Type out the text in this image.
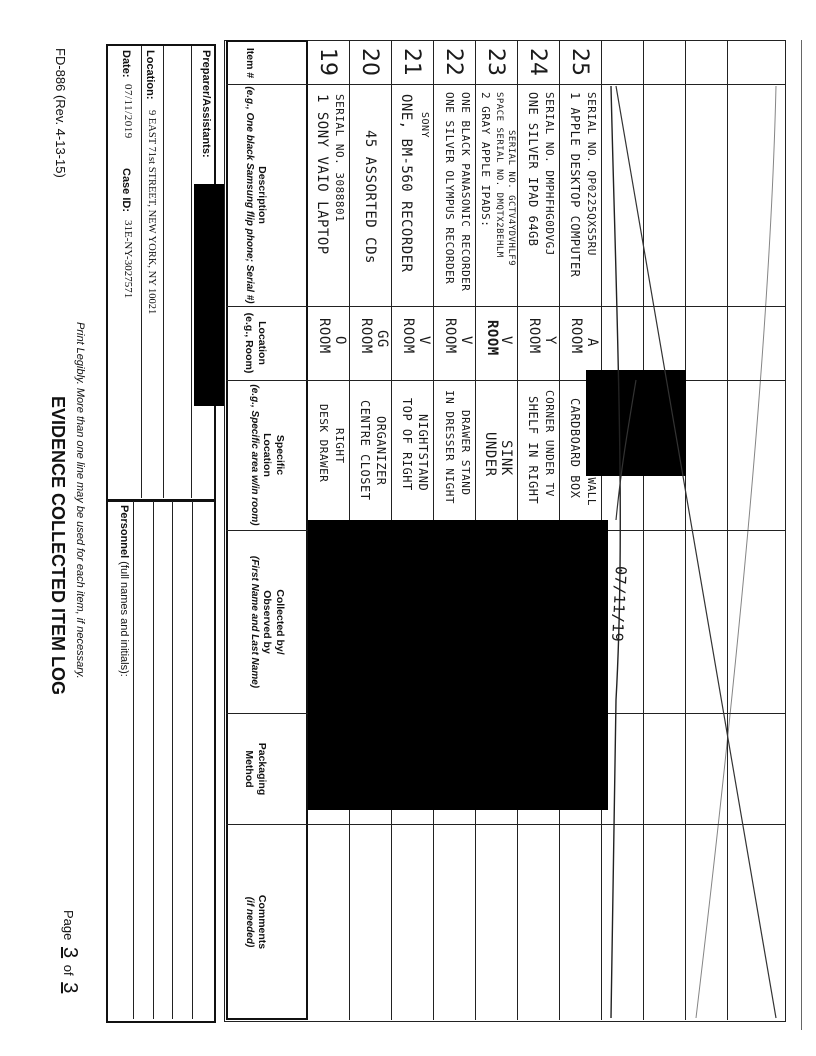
FD-886 (Rev. 4-13-15)
EVIDENCE COLLECTED ITEM LOG Print Legibly. More than one line may be used for each item, if necessary.
Page 3 of 3
Date:
07/11/2019
Case ID:
31E-NY-3027571
Location:
9 EAST 71st STREET, NEW YORK, NY 10021
Preparer/Assistants:
Personnel (full names and initials):
Item #
Description
(e.g., One black Samsung flip phone; Serial #)
Location
(e.g., Room)
Specific
Location
(e.g., Specific area w/in room)
Collected by/
Observed by
(First Name and Last Name)
Packaging
Method
Comments
(if needed)
19
1 SONY VAIO LAPTOP SERIAL NO. 3088801
ROOM O
DESK DRAWER RIGHT
20
45 ASSORTED CDs
ROOM GG
CENTRE CLOSET ORGANIZER
21
ONE, BM-560 RECORDER SONY
ROOM V
TOP OF RIGHT NIGHTSTAND
22
ONE SILVER OLYMPUS RECORDER ONE BLACK PANASONIC RECORDER
ROOM V
IN DRESSER NIGHT DRAWER STAND
23
2 GRAY APPLE IPADS: SPACE SERIAL NO. DMQTX2BEHLM SERIAL NO. GCTV4YDVHLF9
ROOM
V
UNDER SINK
24
ONE SILVER IPAD 64GB SERIAL NO. DMPHFHG0DVGJ
ROOM Y
SHELF IN RIGHT CORNER UNDER TV
25
1 APPLE DESKTOP COMPUTER SERIAL NO. QP0225QXS5RU
ROOM A
CARDBOARD BOX
07/11/19
